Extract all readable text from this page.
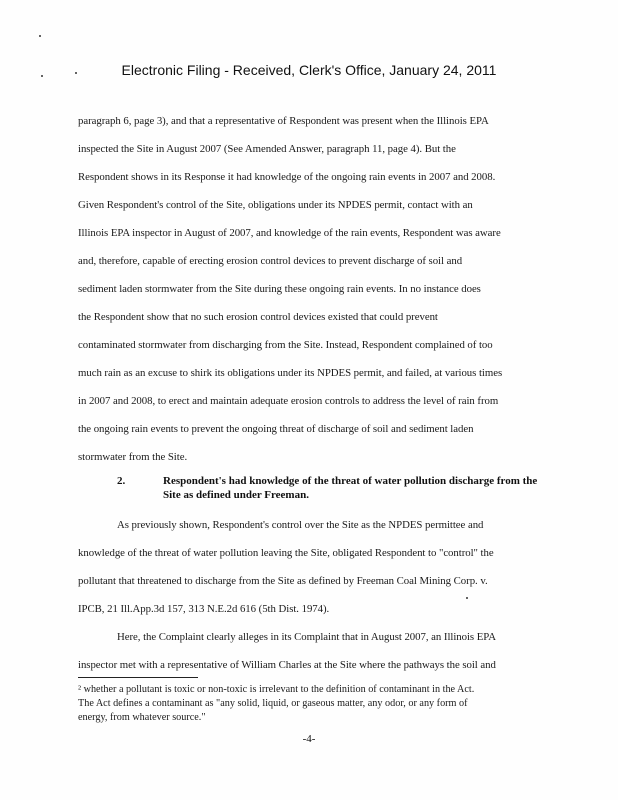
Electronic Filing - Received, Clerk's Office, January 24, 2011
paragraph 6, page 3), and that a representative of Respondent was present when the Illinois EPA
inspected the Site in August 2007 (See Amended Answer, paragraph 11, page 4). But the
Respondent shows in its Response it had knowledge of the ongoing rain events in 2007 and 2008.
Given Respondent's control of the Site, obligations under its NPDES permit, contact with an
Illinois EPA inspector in August of 2007, and knowledge of the rain events, Respondent was aware
and, therefore, capable of erecting erosion control devices to prevent discharge of soil and
sediment laden stormwater from the Site during these ongoing rain events. In no instance does
the Respondent show that no such erosion control devices existed that could prevent
contaminated stormwater from discharging from the Site. Instead, Respondent complained of too
much rain as an excuse to shirk its obligations under its NPDES permit, and failed, at various times
in 2007 and 2008, to erect and maintain adequate erosion controls to address the level of rain from
the ongoing rain events to prevent the ongoing threat of discharge of soil and sediment laden
stormwater from the Site.
2.	Respondent's had knowledge of the threat of water pollution discharge from the
Site as defined under Freeman.
As previously shown, Respondent's control over the Site as the NPDES permittee and
knowledge of the threat of water pollution leaving the Site, obligated Respondent to "control" the
pollutant that threatened to discharge from the Site as defined by Freeman Coal Mining Corp. v.
IPCB, 21 Ill.App.3d 157, 313 N.E.2d 616 (5th Dist. 1974).
Here, the Complaint clearly alleges in its Complaint that in August 2007, an Illinois EPA
inspector met with a representative of William Charles at the Site where the pathways the soil and
² whether a pollutant is toxic or non-toxic is irrelevant to the definition of contaminant in the Act.
The Act defines a contaminant as "any solid, liquid, or gaseous matter, any odor, or any form of
energy, from whatever source."
-4-
